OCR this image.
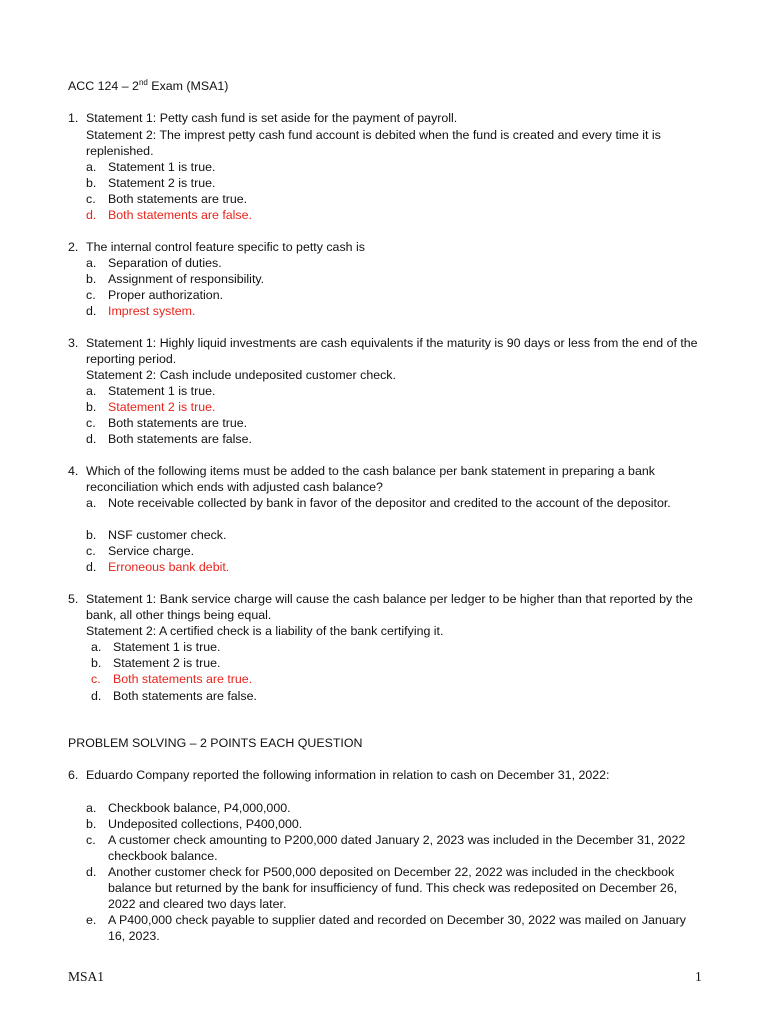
ACC 124 – 2nd Exam (MSA1)
1. Statement 1: Petty cash fund is set aside for the payment of payroll.
Statement 2: The imprest petty cash fund account is debited when the fund is created and every time it is replenished.
a. Statement 1 is true.
b. Statement 2 is true.
c. Both statements are true.
d. Both statements are false.
2. The internal control feature specific to petty cash is
a. Separation of duties.
b. Assignment of responsibility.
c. Proper authorization.
d. Imprest system.
3. Statement 1: Highly liquid investments are cash equivalents if the maturity is 90 days or less from the end of the reporting period.
Statement 2: Cash include undeposited customer check.
a. Statement 1 is true.
b. Statement 2 is true.
c. Both statements are true.
d. Both statements are false.
4. Which of the following items must be added to the cash balance per bank statement in preparing a bank reconciliation which ends with adjusted cash balance?
a. Note receivable collected by bank in favor of the depositor and credited to the account of the depositor.
b. NSF customer check.
c. Service charge.
d. Erroneous bank debit.
5. Statement 1: Bank service charge will cause the cash balance per ledger to be higher than that reported by the bank, all other things being equal.
Statement 2: A certified check is a liability of the bank certifying it.
a. Statement 1 is true.
b. Statement 2 is true.
c. Both statements are true.
d. Both statements are false.
PROBLEM SOLVING – 2 POINTS EACH QUESTION
6. Eduardo Company reported the following information in relation to cash on December 31, 2022:
a. Checkbook balance, P4,000,000.
b. Undeposited collections, P400,000.
c. A customer check amounting to P200,000 dated January 2, 2023 was included in the December 31, 2022 checkbook balance.
d. Another customer check for P500,000 deposited on December 22, 2022 was included in the checkbook balance but returned by the bank for insufficiency of fund. This check was redeposited on December 26, 2022 and cleared two days later.
e. A P400,000 check payable to supplier dated and recorded on December 30, 2022 was mailed on January 16, 2023.
MSA1	1
